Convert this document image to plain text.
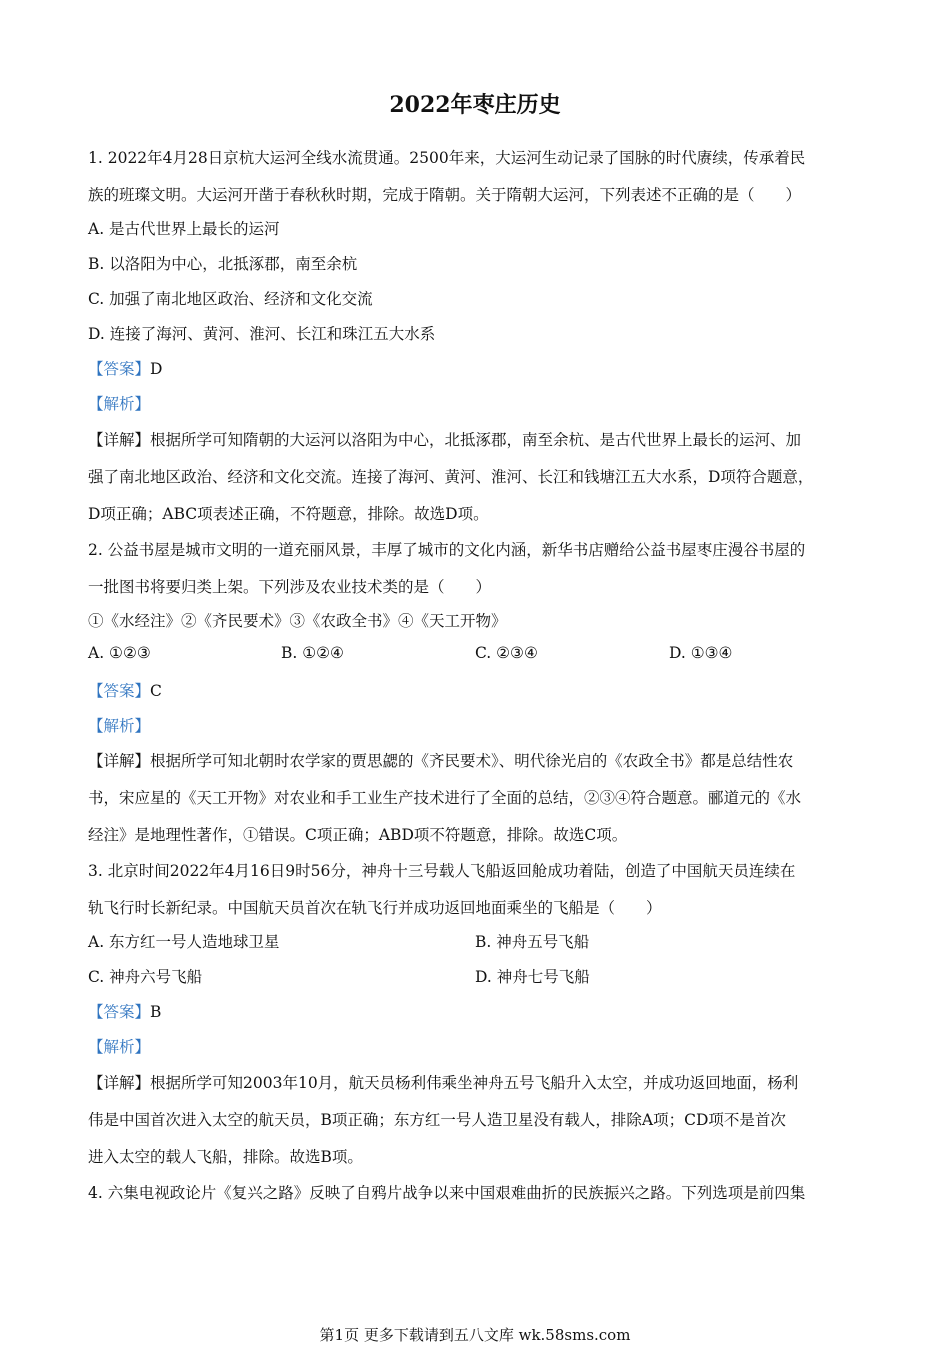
2022年枣庄历史
1. 2022年4月28日京杭大运河全线水流贯通。2500年来，大运河生动记录了国脉的时代赓续，传承着民
族的班璨文明。大运河开凿于春秋秋时期，完成于隋朝。关于隋朝大运河，下列表述不正确的是（　　）
A. 是古代世界上最长的运河
B. 以洛阳为中心，北抵涿郡，南至余杭
C. 加强了南北地区政治、经济和文化交流
D. 连接了海河、黄河、淮河、长江和珠江五大水系
【答案】D
【解析】
【详解】根据所学可知隋朝的大运河以洛阳为中心，北抵涿郡，南至余杭、是古代世界上最长的运河、加
强了南北地区政治、经济和文化交流。连接了海河、黄河、淮河、长江和钱塘江五大水系，D项符合题意，
D项正确；ABC项表述正确，不符题意，排除。故选D项。
2. 公益书屋是城市文明的一道充丽风景，丰厚了城市的文化内涵，新华书店赠给公益书屋枣庄漫谷书屋的
一批图书将要归类上架。下列涉及农业技术类的是（　　）
①《水经注》②《齐民要术》③《农政全书》④《天工开物》
A. ①②③	B. ①②④	C. ②③④	D. ①③④
【答案】C
【解析】
【详解】根据所学可知北朝时农学家的贾思勰的《齐民要术》、明代徐光启的《农政全书》都是总结性农
书，宋应星的《天工开物》对农业和手工业生产技术进行了全面的总结，②③④符合题意。郦道元的《水
经注》是地理性著作，①错误。C项正确；ABD项不符题意，排除。故选C项。
3. 北京时间2022年4月16日9时56分，神舟十三号载人飞船返回舱成功着陆，创造了中国航天员连续在
轨飞行时长新纪录。中国航天员首次在轨飞行并成功返回地面乘坐的飞船是（　　）
A. 东方红一号人造地球卫星	B. 神舟五号飞船
C. 神舟六号飞船	D. 神舟七号飞船
【答案】B
【解析】
【详解】根据所学可知2003年10月，航天员杨利伟乘坐神舟五号飞船升入太空，并成功返回地面，杨利
伟是中国首次进入太空的航天员，B项正确；东方红一号人造卫星没有载人，排除A项；CD项不是首次
进入太空的载人飞船，排除。故选B项。
4. 六集电视政论片《复兴之路》反映了自鸦片战争以来中国艰难曲折的民族振兴之路。下列选项是前四集
第1页 更多下载请到五八文库 wk.58sms.com
